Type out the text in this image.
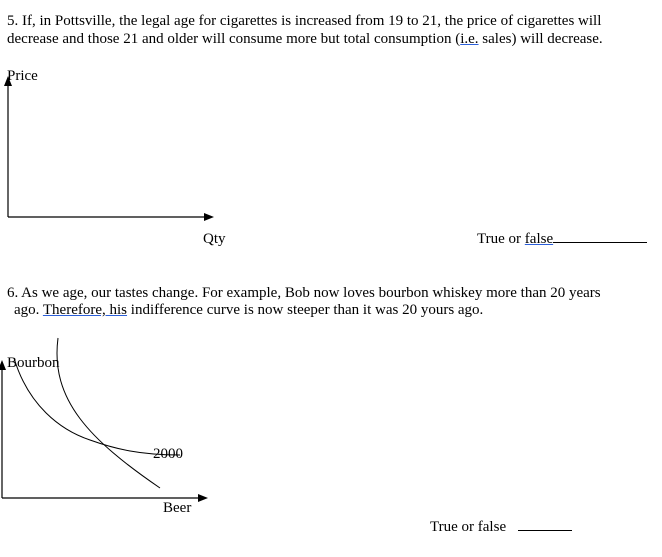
5. If, in Pottsville, the legal age for cigarettes is increased from 19 to 21, the price of cigarettes will
decrease and those 21 and older will consume more but total consumption (i.e. sales) will decrease.
Price
Qty	True or false
6. As we age, our tastes change. For example, Bob now loves bourbon whiskey more than 20 years
ago. Therefore, his indifference curve is now steeper than it was 20 yours ago.
Bourbon
2000
Beer
True or false
